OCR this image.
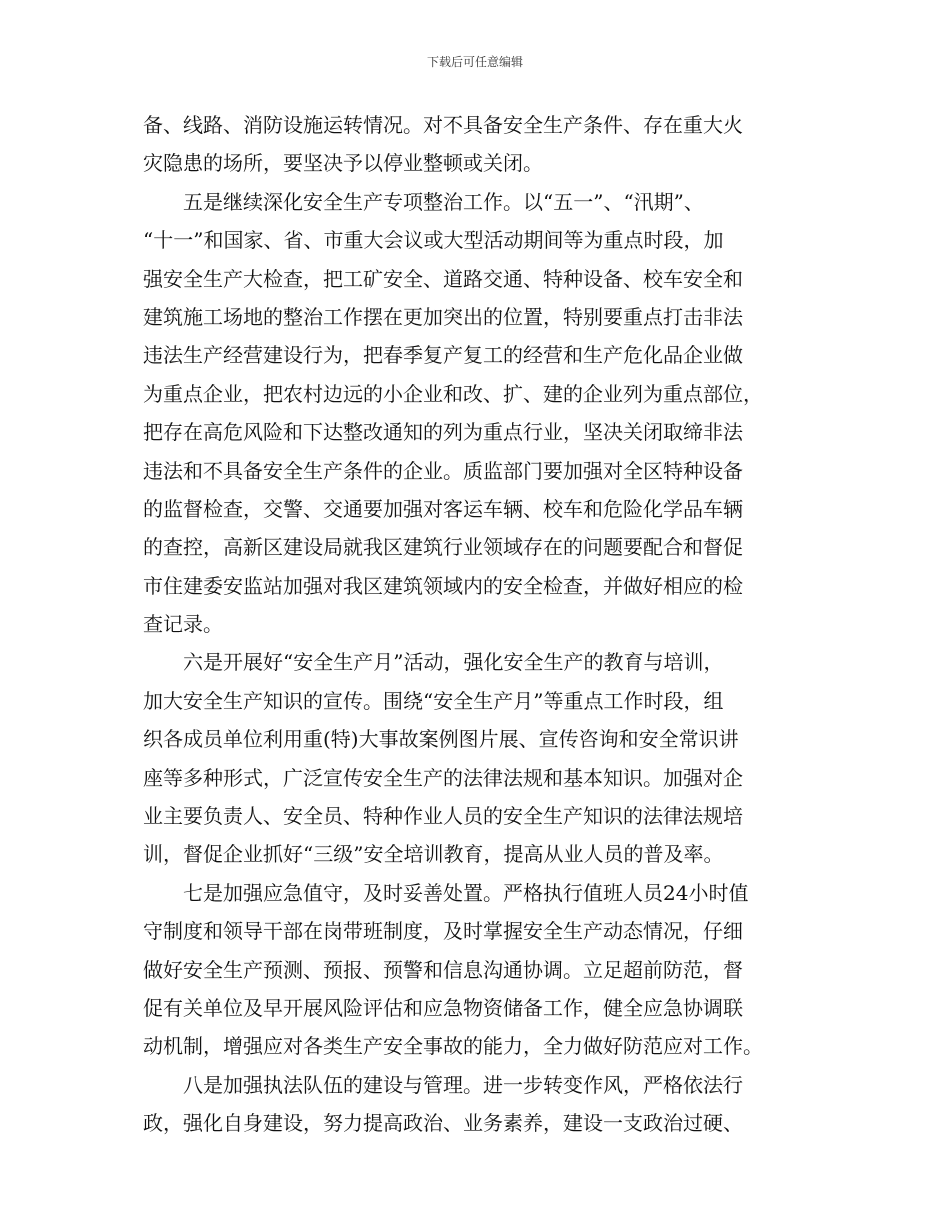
下载后可任意编辑
备、线路、消防设施运转情况。对不具备安全生产条件、存在重大火
灾隐患的场所，要坚决予以停业整顿或关闭。
五是继续深化安全生产专项整治工作。以“五一”、“汛期”、
“十一”和国家、省、市重大会议或大型活动期间等为重点时段，加
强安全生产大检查，把工矿安全、道路交通、特种设备、校车安全和
建筑施工场地的整治工作摆在更加突出的位置，特别要重点打击非法
违法生产经营建设行为，把春季复产复工的经营和生产危化品企业做
为重点企业，把农村边远的小企业和改、扩、建的企业列为重点部位，
把存在高危风险和下达整改通知的列为重点行业，坚决关闭取缔非法
违法和不具备安全生产条件的企业。质监部门要加强对全区特种设备
的监督检查，交警、交通要加强对客运车辆、校车和危险化学品车辆
的查控，高新区建设局就我区建筑行业领域存在的问题要配合和督促
市住建委安监站加强对我区建筑领域内的安全检查，并做好相应的检
查记录。
六是开展好“安全生产月”活动，强化安全生产的教育与培训，
加大安全生产知识的宣传。围绕“安全生产月”等重点工作时段，组
织各成员单位利用重(特)大事故案例图片展、宣传咨询和安全常识讲
座等多种形式，广泛宣传安全生产的法律法规和基本知识。加强对企
业主要负责人、安全员、特种作业人员的安全生产知识的法律法规培
训，督促企业抓好“三级”安全培训教育，提高从业人员的普及率。
七是加强应急值守，及时妥善处置。严格执行值班人员24小时值
守制度和领导干部在岗带班制度，及时掌握安全生产动态情况，仔细
做好安全生产预测、预报、预警和信息沟通协调。立足超前防范，督
促有关单位及早开展风险评估和应急物资储备工作，健全应急协调联
动机制，增强应对各类生产安全事故的能力，全力做好防范应对工作。
八是加强执法队伍的建设与管理。进一步转变作风，严格依法行
政，强化自身建设，努力提高政治、业务素养，建设一支政治过硬、
